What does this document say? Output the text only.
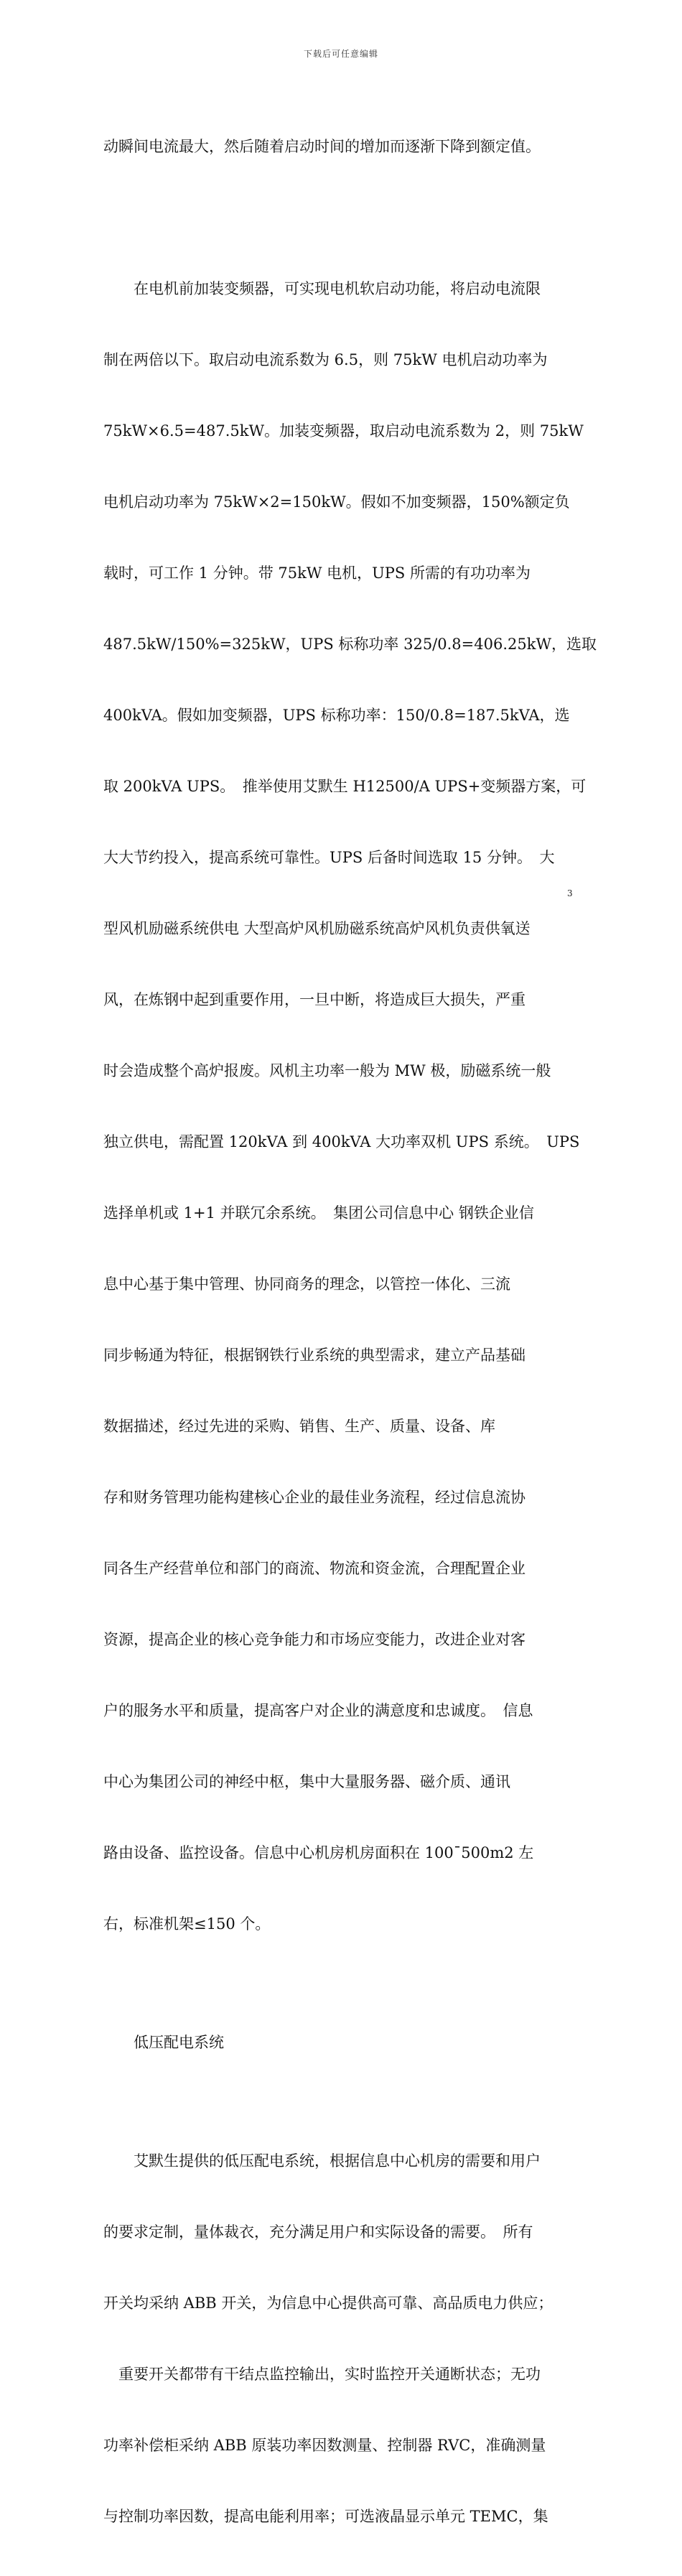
下载后可任意编辑

动瞬间电流最大，然后随着启动时间的增加而逐渐下降到额定值。

　　在电机前加装变频器，可实现电机软启动功能，将启动电流限

制在两倍以下。取启动电流系数为 6.5，则 75kW 电机启动功率为

75kW×6.5=487.5kW。加装变频器，取启动电流系数为 2，则 75kW

电机启动功率为 75kW×2=150kW。假如不加变频器，150%额定负

载时，可工作 1 分钟。带 75kW 电机，UPS 所需的有功功率为

487.5kW/150%=325kW，UPS 标称功率 325/0.8=406.25kW，选取

400kVA。假如加变频器，UPS 标称功率：150/0.8=187.5kVA，选

取 200kVA UPS。　推举使用艾默生 H12500/A UPS+变频器方案，可

大大节约投入，提高系统可靠性。UPS 后备时间选取 15 分钟。　大

型风机励磁系统供电 大型高炉风机励磁系统高炉风机负责供氧送

风，在炼钢中起到重要作用，一旦中断，将造成巨大损失，严重

时会造成整个高炉报废。风机主功率一般为 MW 极，励磁系统一般

独立供电，需配置 120kVA 到 400kVA 大功率双机 UPS 系统。　UPS

选择单机或 1+1 并联冗余系统。　集团公司信息中心 钢铁企业信

息中心基于集中管理、协同商务的理念，以管控一体化、三流

同步畅通为特征，根据钢铁行业系统的典型需求，建立产品基础

数据描述，经过先进的采购、销售、生产、质量、设备、库

存和财务管理功能构建核心企业的最佳业务流程，经过信息流协

同各生产经营单位和部门的商流、物流和资金流，合理配置企业

资源，提高企业的核心竞争能力和市场应变能力，改进企业对客

户的服务水平和质量，提高客户对企业的满意度和忠诚度。　信息

中心为集团公司的神经中枢，集中大量服务器、磁介质、通讯

路由设备、监控设备。信息中心机房机房面积在 100¯500m2 左

右，标准机架≤150 个。

　　低压配电系统

　　艾默生提供的低压配电系统，根据信息中心机房的需要和用户

的要求定制，量体裁衣，充分满足用户和实际设备的需要。　所有

开关均采纳 ABB 开关，为信息中心提供高可靠、高品质电力供应；

　重要开关都带有干结点监控输出，实时监控开关通断状态；无功

功率补偿柜采纳 ABB 原装功率因数测量、控制器 RVC，准确测量

与控制功率因数，提高电能利用率；可选液晶显示单元 TEMC，集

3
